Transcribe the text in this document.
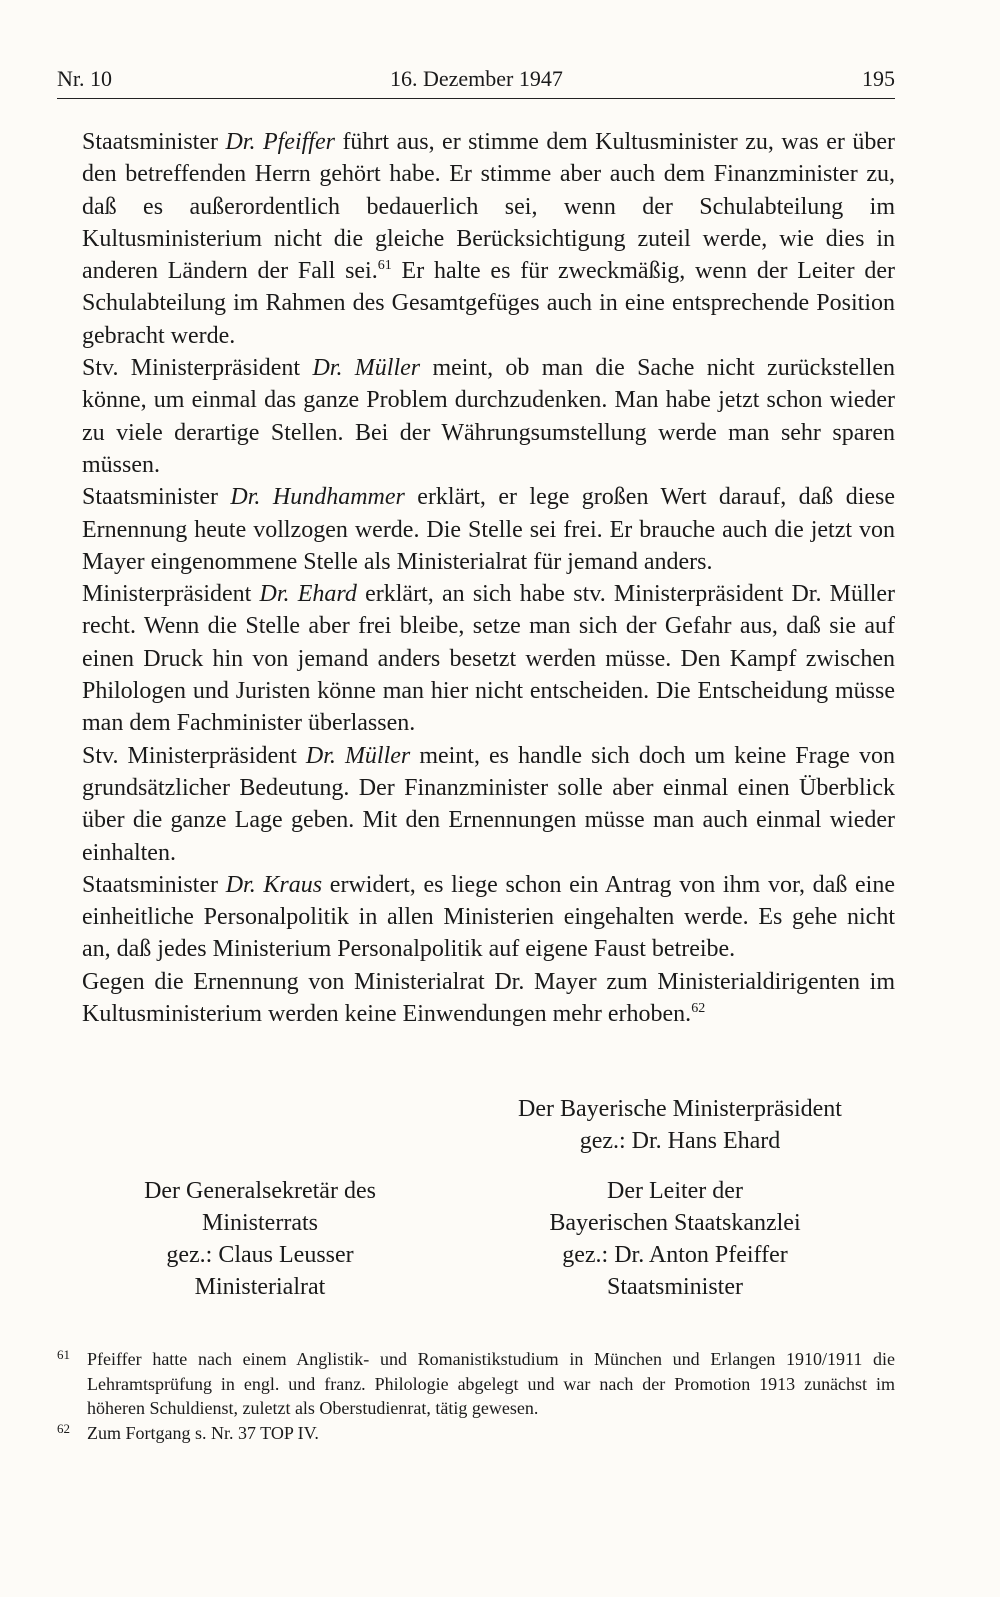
Nr. 10	16. Dezember 1947	195

Staatsminister Dr. Pfeiffer führt aus, er stimme dem Kultusminister zu, was er über den betreffenden Herrn gehört habe. Er stimme aber auch dem Finanzminister zu, daß es außerordentlich bedauerlich sei, wenn der Schulabteilung im Kultusministerium nicht die gleiche Berücksichtigung zuteil werde, wie dies in anderen Ländern der Fall sei.$^{61}$ Er halte es für zweckmäßig, wenn der Leiter der Schulabteilung im Rahmen des Gesamtgefüges auch in eine entsprechende Position gebracht werde.

Stv. Ministerpräsident Dr. Müller meint, ob man die Sache nicht zurückstellen könne, um einmal das ganze Problem durchzudenken. Man habe jetzt schon wieder zu viele derartige Stellen. Bei der Währungsumstellung werde man sehr sparen müssen.

Staatsminister Dr. Hundhammer erklärt, er lege großen Wert darauf, daß diese Ernennung heute vollzogen werde. Die Stelle sei frei. Er brauche auch die jetzt von Mayer eingenommene Stelle als Ministerialrat für jemand anders.

Ministerpräsident Dr. Ehard erklärt, an sich habe stv. Ministerpräsident Dr. Müller recht. Wenn die Stelle aber frei bleibe, setze man sich der Gefahr aus, daß sie auf einen Druck hin von jemand anders besetzt werden müsse. Den Kampf zwischen Philologen und Juristen könne man hier nicht entscheiden. Die Entscheidung müsse man dem Fachminister überlassen.

Stv. Ministerpräsident Dr. Müller meint, es handle sich doch um keine Frage von grundsätzlicher Bedeutung. Der Finanzminister solle aber einmal einen Überblick über die ganze Lage geben. Mit den Ernennungen müsse man auch einmal wieder einhalten.

Staatsminister Dr. Kraus erwidert, es liege schon ein Antrag von ihm vor, daß eine einheitliche Personalpolitik in allen Ministerien eingehalten werde. Es gehe nicht an, daß jedes Ministerium Personalpolitik auf eigene Faust betreibe.

Gegen die Ernennung von Ministerialrat Dr. Mayer zum Ministerialdirigenten im Kultusministerium werden keine Einwendungen mehr erhoben.$^{62}$

Der Bayerische Ministerpräsident
gez.: Dr. Hans Ehard
Der Generalsekretär des
Ministerrats
gez.: Claus Leusser
Ministerialrat
Der Leiter der
Bayerischen Staatskanzlei
gez.: Dr. Anton Pfeiffer
Staatsminister
61 Pfeiffer hatte nach einem Anglistik- und Romanistikstudium in München und Erlangen 1910/1911 die Lehramtsprüfung in engl. und franz. Philologie abgelegt und war nach der Promotion 1913 zunächst im höheren Schuldienst, zuletzt als Oberstudienrat, tätig gewesen.
62 Zum Fortgang s. Nr. 37 TOP IV.
